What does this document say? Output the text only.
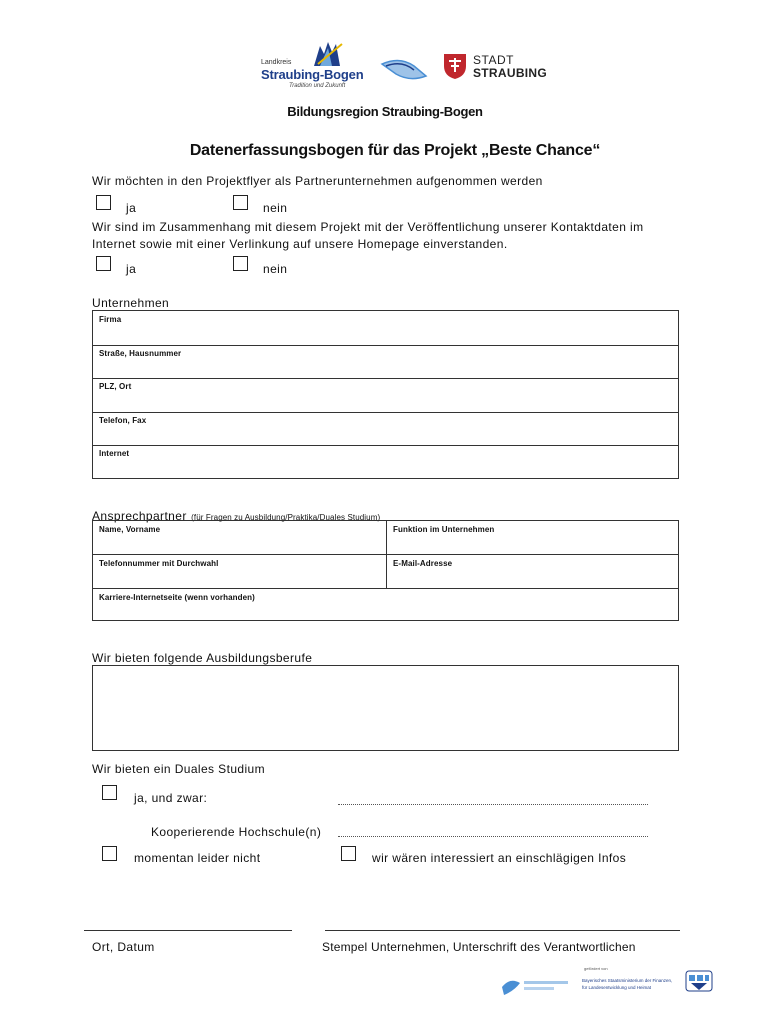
Landkreis
Straubing-Bogen
Tradition und Zukunft
STADT
STRAUBING
Bildungsregion Straubing-Bogen
Datenerfassungsbogen für das Projekt „Beste Chance“
Wir möchten in den Projektflyer als Partnerunternehmen aufgenommen werden
ja	nein
Wir sind im Zusammenhang mit diesem Projekt mit der Veröffentlichung unserer Kontaktdaten im
Internet sowie mit einer Verlinkung auf unsere Homepage einverstanden.
ja	nein
Unternehmen
Firma
Straße, Hausnummer
PLZ, Ort
Telefon, Fax
Internet
Ansprechpartner (für Fragen zu Ausbildung/Praktika/Duales Studium)
Name, Vorname	Funktion im Unternehmen
Telefonnummer mit Durchwahl	E-Mail-Adresse
Karriere-Internetseite (wenn vorhanden)
Wir bieten folgende Ausbildungsberufe
Wir bieten ein Duales Studium
ja, und zwar:
Kooperierende Hochschule(n)
momentan leider nicht	wir wären interessiert an einschlägigen Infos
Ort, Datum	Stempel Unternehmen, Unterschrift des Verantwortlichen
gefördert von
Bayerisches Staatsministerium der Finanzen,
für Landesentwicklung und Heimat
